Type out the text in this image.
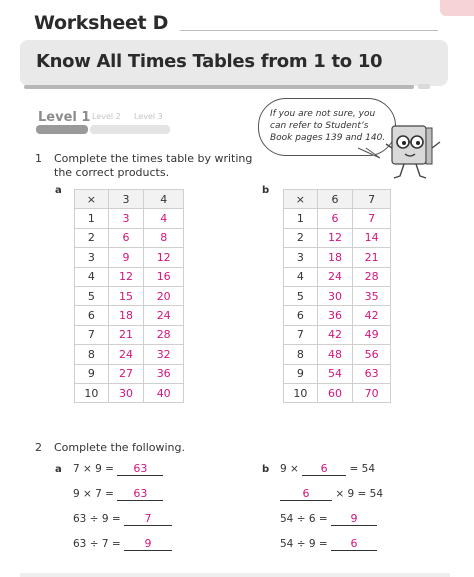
Worksheet D
Know All Times Tables from 1 to 10
Level 1 Level 2 Level 3	If you are not sure, you
can refer to Student’s
Book pages 139 and 140.
1 Complete the times table by writing
the correct products.
a	b
×	3	4
1	3	4
2	6	8
3	9	12
4	12	16
5	15	20
6	18	24
7	21	28
8	24	32
9	27	36
10	30	40
×	6	7
1	6	7
2	12	14
3	18	21
4	24	28
5	30	35
6	36	42
7	42	49
8	48	56
9	54	63
10	60	70
2 Complete the following.
a 7 × 9 = 63
9 × 7 = 63
63 ÷ 9 = 7
63 ÷ 7 = 9
b 9 × 6 = 54
6 × 9 = 54
54 ÷ 6 = 9
54 ÷ 9 = 6
